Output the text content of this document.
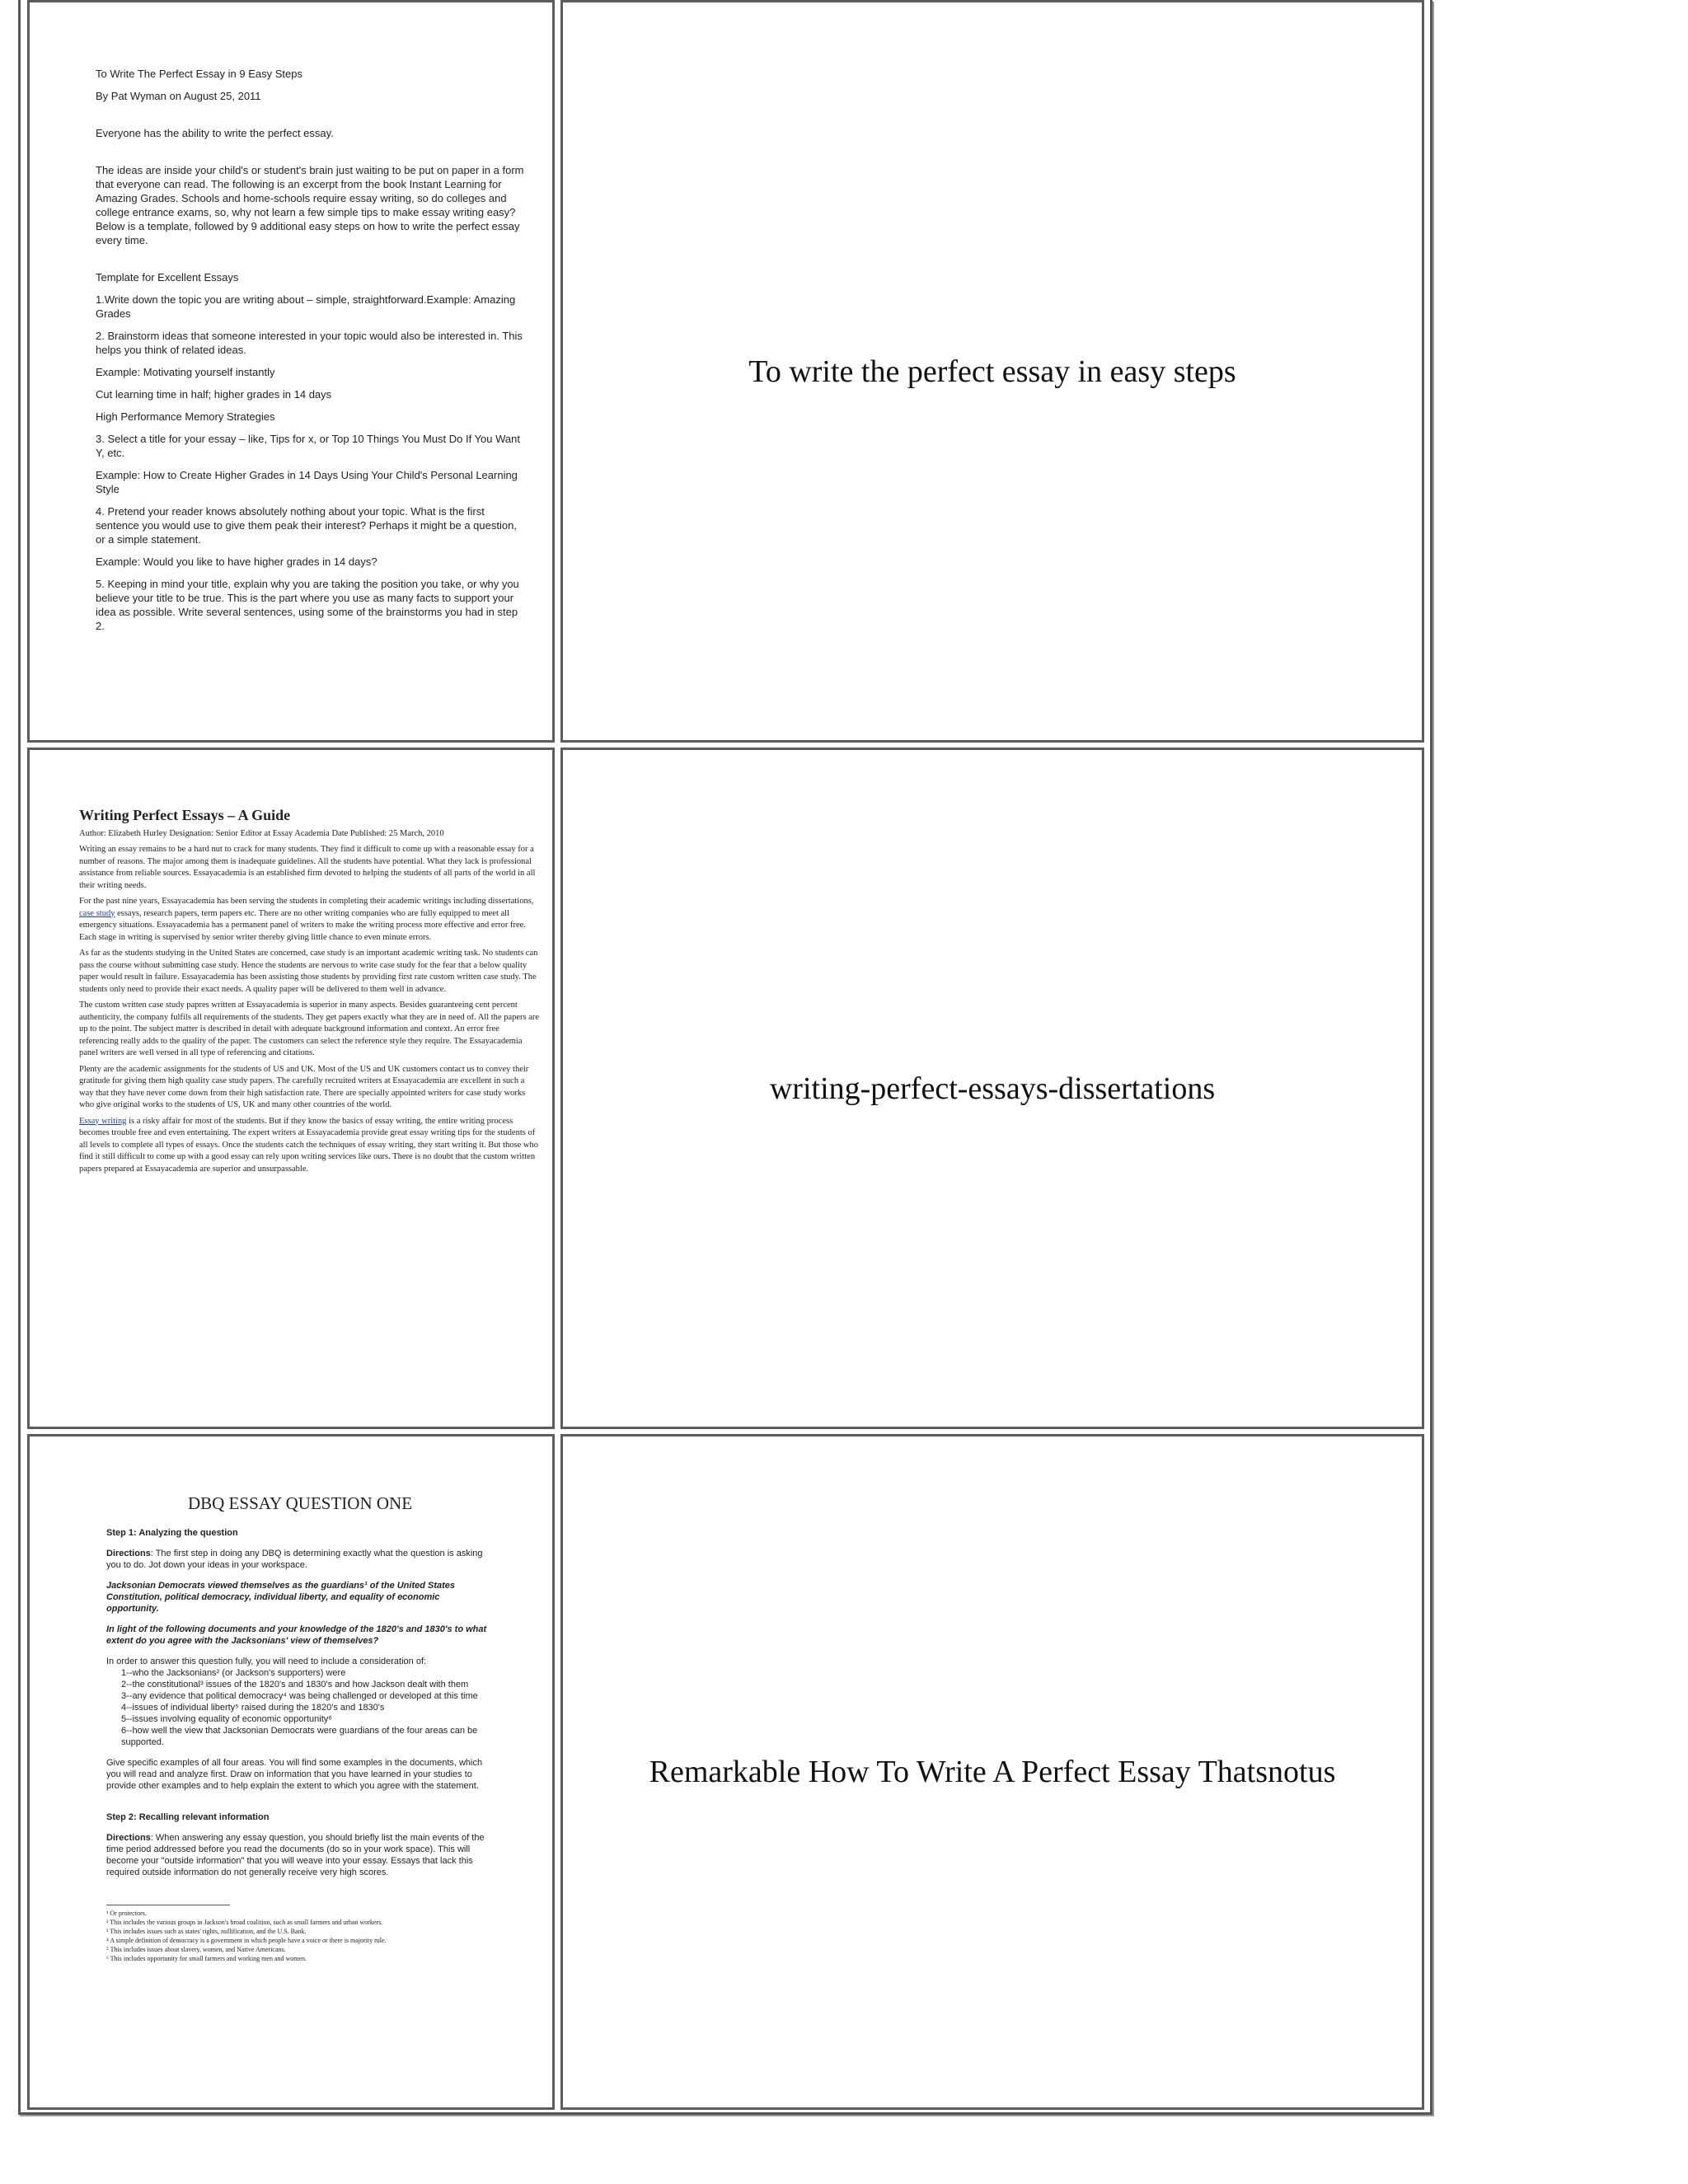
To Write The Perfect Essay in 9 Easy Steps

By Pat Wyman on August 25, 2011

Everyone has the ability to write the perfect essay.

The ideas are inside your child's or student's brain just waiting to be put on paper in a form that everyone can read. The following is an excerpt from the book Instant Learning for Amazing Grades. Schools and home-schools require essay writing, so do colleges and college entrance exams, so, why not learn a few simple tips to make essay writing easy? Below is a template, followed by 9 additional easy steps on how to write the perfect essay every time.

Template for Excellent Essays

1.Write down the topic you are writing about – simple, straightforward.Example: Amazing Grades

2. Brainstorm ideas that someone interested in your topic would also be interested in. This helps you think of related ideas.

Example: Motivating yourself instantly

Cut learning time in half; higher grades in 14 days

High Performance Memory Strategies

3. Select a title for your essay – like, Tips for x, or Top 10 Things You Must Do If You Want Y, etc.

Example: How to Create Higher Grades in 14 Days Using Your Child's Personal Learning Style

4. Pretend your reader knows absolutely nothing about your topic. What is the first sentence you would use to give them peak their interest? Perhaps it might be a question, or a simple statement.

Example: Would you like to have higher grades in 14 days?

5. Keeping in mind your title, explain why you are taking the position you take, or why you believe your title to be true. This is the part where you use as many facts to support your idea as possible. Write several sentences, using some of the brainstorms you had in step 2.

To write the perfect essay in easy steps
Writing Perfect Essays – A Guide

Author: Elizabeth Hurley Designation: Senior Editor at Essay Academia Date Published: 25 March, 2010

Writing an essay remains to be a hard nut to crack for many students. They find it difficult to come up with a reasonable essay for a number of reasons. The major among them is inadequate guidelines. All the students have potential. What they lack is professional assistance from reliable sources. Essayacademia is an established firm devoted to helping the students of all parts of the world in all their writing needs.

For the past nine years, Essayacademia has been serving the students in completing their academic writings including dissertations, case study essays, research papers, term papers etc. There are no other writing companies who are fully equipped to meet all emergency situations. Essayacademia has a permanent panel of writers to make the writing process more effective and error free. Each stage in writing is supervised by senior writer thereby giving little chance to even minute errors.

As far as the students studying in the United States are concerned, case study is an important academic writing task. No students can pass the course without submitting case study. Hence the students are nervous to write case study for the fear that a below quality paper would result in failure. Essayacademia has been assisting those students by providing first rate custom written case study. The students only need to provide their exact needs. A quality paper will be delivered to them well in advance.

The custom written case study papres written at Essayacademia is superior in many aspects. Besides guaranteeing cent percent authenticity, the company fulfils all requirements of the students. They get papers exactly what they are in need of. All the papers are up to the point. The subject matter is described in detail with adequate background information and context. An error free referencing really adds to the quality of the paper. The customers can select the reference style they require. The Essayacademia panel writers are well versed in all type of referencing and citations.

Plenty are the academic assignments for the students of US and UK. Most of the US and UK customers contact us to convey their gratitude for giving them high quality case study papers. The carefully recruited writers at Essayacademia are excellent in such a way that they have never come down from their high satisfaction rate. There are specially appointed writers for case study works who give original works to the students of US, UK and many other countries of the world.

Essay writing is a risky affair for most of the students. But if they know the basics of essay writing, the entire writing process becomes trouble free and even entertaining. The expert writers at Essayacademia provide great essay writing tips for the students of all levels to complete all types of essays. Once the students catch the techniques of essay writing, they start writing it. But those who find it still difficult to come up with a good essay can rely upon writing services like ours. There is no doubt that the custom written papers prepared at Essayacademia are superior and unsurpassable.

writing-perfect-essays-dissertations
DBQ ESSAY QUESTION ONE

Step 1: Analyzing the question

Directions: The first step in doing any DBQ is determining exactly what the question is asking you to do. Jot down your ideas in your workspace.

Jacksonian Democrats viewed themselves as the guardians¹ of the United States Constitution, political democracy, individual liberty, and equality of economic opportunity.

In light of the following documents and your knowledge of the 1820's and 1830's to what extent do you agree with the Jacksonians' view of themselves?

In order to answer this question fully, you will need to include a consideration of:

1--who the Jacksonians² (or Jackson's supporters) were
2--the constitutional³ issues of the 1820's and 1830's and how Jackson dealt with them
3--any evidence that political democracy⁴ was being challenged or developed at this time
4--issues of individual liberty⁵ raised during the 1820's and 1830's
5--issues involving equality of economic opportunity⁶
6--how well the view that Jacksonian Democrats were guardians of the four areas can be supported.

Give specific examples of all four areas. You will find some examples in the documents, which you will read and analyze first. Draw on information that you have learned in your studies to provide other examples and to help explain the extent to which you agree with the statement.

Step 2: Recalling relevant information

Directions: When answering any essay question, you should briefly list the main events of the time period addressed before you read the documents (do so in your work space). This will become your "outside information" that you will weave into your essay. Essays that lack this required outside information do not generally receive very high scores.

¹ Or protectors.

² This includes the various groups in Jackson's broad coalition, such as small farmers and urban workers.

³ This includes issues such as states' rights, nullification, and the U.S. Bank.

⁴ A simple definition of democracy is a government in which people have a voice or there is majority rule.

⁵ This includes issues about slavery, women, and Native Americans.

⁶ This includes opportunity for small farmers and working men and women.

Remarkable How To Write A Perfect Essay Thatsnotus
